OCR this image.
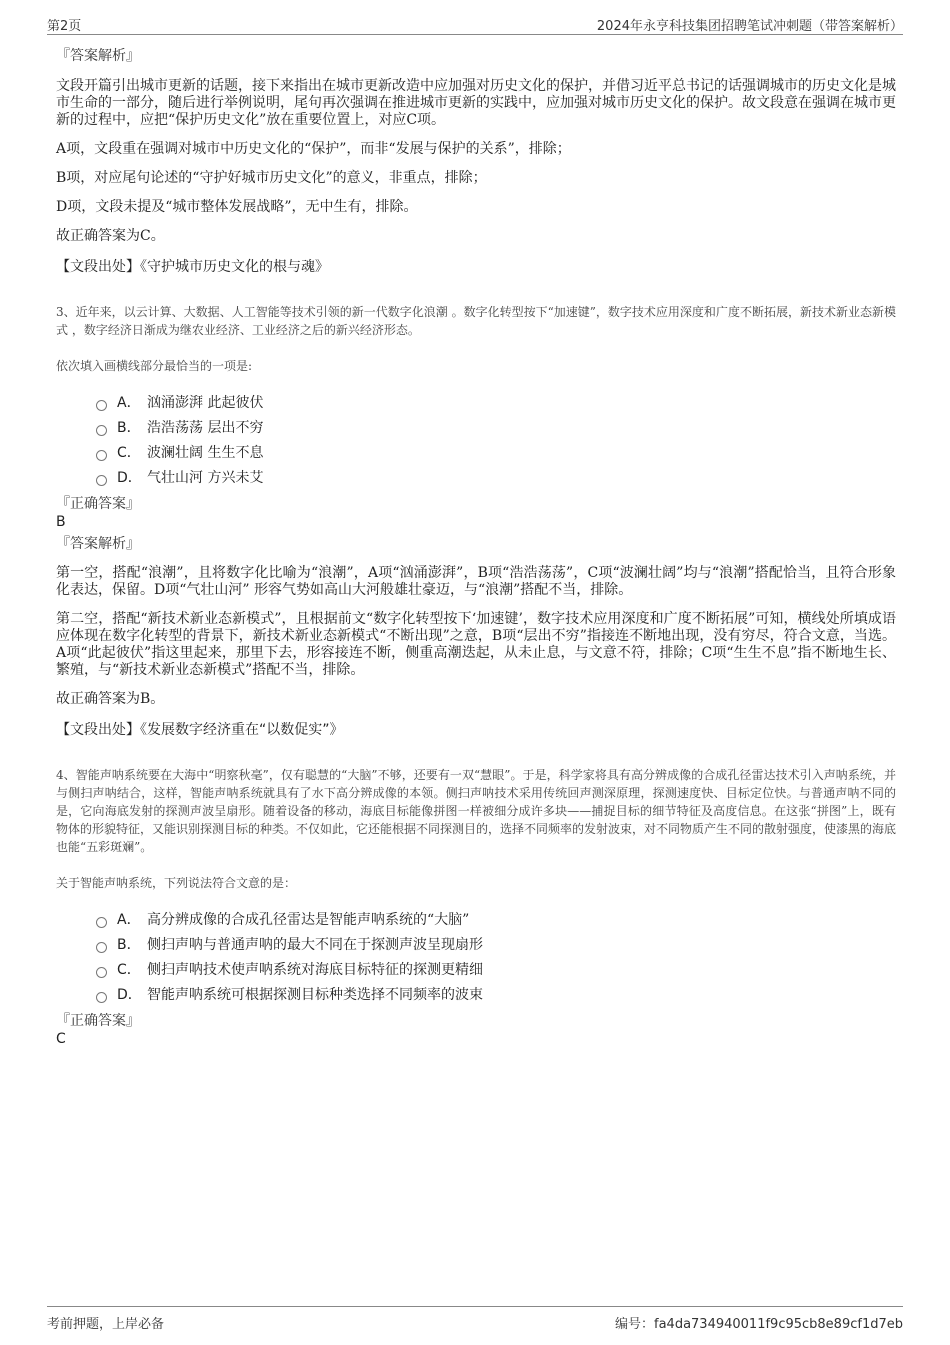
第2页	2024年永亨科技集团招聘笔试冲刺题（带答案解析）

『答案解析』

文段开篇引出城市更新的话题，接下来指出在城市更新改造中应加强对历史文化的保护，并借习近平总书记的话强调城市的历史文化是城市生命的一部分，随后进行举例说明，尾句再次强调在推进城市更新的实践中，应加强对城市历史文化的保护。故文段意在强调在城市更新的过程中，应把“保护历史文化”放在重要位置上，对应C项。

A项，文段重在强调对城市中历史文化的“保护”，而非“发展与保护的关系”，排除；

B项，对应尾句论述的“守护好城市历史文化”的意义，非重点，排除；

D项，文段未提及“城市整体发展战略”，无中生有，排除。

故正确答案为C。

【文段出处】《守护城市历史文化的根与魂》

3、近年来，以云计算、大数据、人工智能等技术引领的新一代数字化浪潮 。数字化转型按下“加速键”，数字技术应用深度和广度不断拓展，新技术新业态新模式 ，数字经济日渐成为继农业经济、工业经济之后的新兴经济形态。

依次填入画横线部分最恰当的一项是:

A． 汹涌澎湃 此起彼伏
B． 浩浩荡荡 层出不穷
C． 波澜壮阔 生生不息
D． 气壮山河 方兴未艾

『正确答案』

B

『答案解析』

第一空，搭配“浪潮”，且将数字化比喻为“浪潮”，A项“汹涌澎湃”，B项“浩浩荡荡”，C项“波澜壮阔”均与“浪潮”搭配恰当，且符合形象化表达，保留。D项“气壮山河” 形容气势如高山大河般雄壮豪迈，与“浪潮”搭配不当，排除。

第二空，搭配“新技术新业态新模式”，且根据前文“数字化转型按下‘加速键’，数字技术应用深度和广度不断拓展”可知，横线处所填成语应体现在数字化转型的背景下，新技术新业态新模式“不断出现”之意，B项“层出不穷”指接连不断地出现，没有穷尽，符合文意，当选。A项“此起彼伏”指这里起来，那里下去，形容接连不断，侧重高潮迭起，从未止息，与文意不符，排除；C项“生生不息”指不断地生长、繁殖，与“新技术新业态新模式”搭配不当，排除。

故正确答案为B。

【文段出处】《发展数字经济重在“以数促实”》

4、智能声呐系统要在大海中“明察秋毫”，仅有聪慧的“大脑”不够，还要有一双“慧眼”。于是，科学家将具有高分辨成像的合成孔径雷达技术引入声呐系统，并与侧扫声呐结合，这样，智能声呐系统就具有了水下高分辨成像的本领。侧扫声呐技术采用传统回声测深原理，探测速度快、目标定位快。与普通声呐不同的是，它向海底发射的探测声波呈扇形。随着设备的移动，海底目标能像拼图一样被细分成许多块——捕捉目标的细节特征及高度信息。在这张“拼图”上，既有物体的形貌特征，又能识别探测目标的种类。不仅如此，它还能根据不同探测目的，选择不同频率的发射波束，对不同物质产生不同的散射强度，使漆黑的海底也能“五彩斑斓”。

关于智能声呐系统，下列说法符合文意的是：

A． 高分辨成像的合成孔径雷达是智能声呐系统的“大脑”
B． 侧扫声呐与普通声呐的最大不同在于探测声波呈现扇形
C． 侧扫声呐技术使声呐系统对海底目标特征的探测更精细
D． 智能声呐系统可根据探测目标种类选择不同频率的波束

『正确答案』

C

考前押题，上岸必备	编号：fa4da734940011f9c95cb8e89cf1d7eb
